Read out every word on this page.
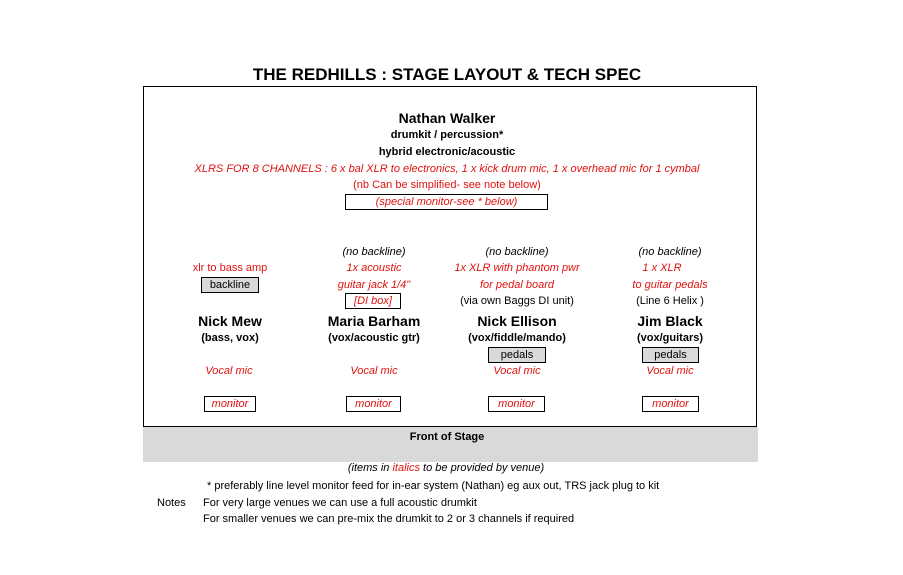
THE REDHILLS : STAGE LAYOUT & TECH SPEC
Nathan Walker
drumkit / percussion*
hybrid electronic/acoustic
XLRS FOR 8 CHANNELS : 6 x bal XLR to electronics, 1 x kick drum mic, 1 x overhead mic for 1 cymbal
(nb Can be simplified- see note below)
(special monitor-see * below)
xlr to bass amp
backline
Nick Mew
(bass, vox)
Vocal mic
monitor
(no backline)
1x acoustic
guitar jack 1/4"
[DI box]
Maria Barham
(vox/acoustic gtr)
Vocal mic
monitor
(no backline)
1x XLR with phantom pwr
for pedal board
(via own Baggs DI unit)
Nick Ellison
(vox/fiddle/mando)
pedals
Vocal mic
monitor
(no backline)
1 x XLR
to guitar pedals
(Line 6 Helix )
Jim Black
(vox/guitars)
pedals
Vocal mic
monitor
Front of Stage
(items in italics to be provided by venue)
* preferably line level monitor feed for in-ear system (Nathan) eg aux out, TRS jack plug to kit
Notes For very large venues we can use a full acoustic drumkit
For smaller venues we can pre-mix the drumkit to 2 or 3 channels if required
